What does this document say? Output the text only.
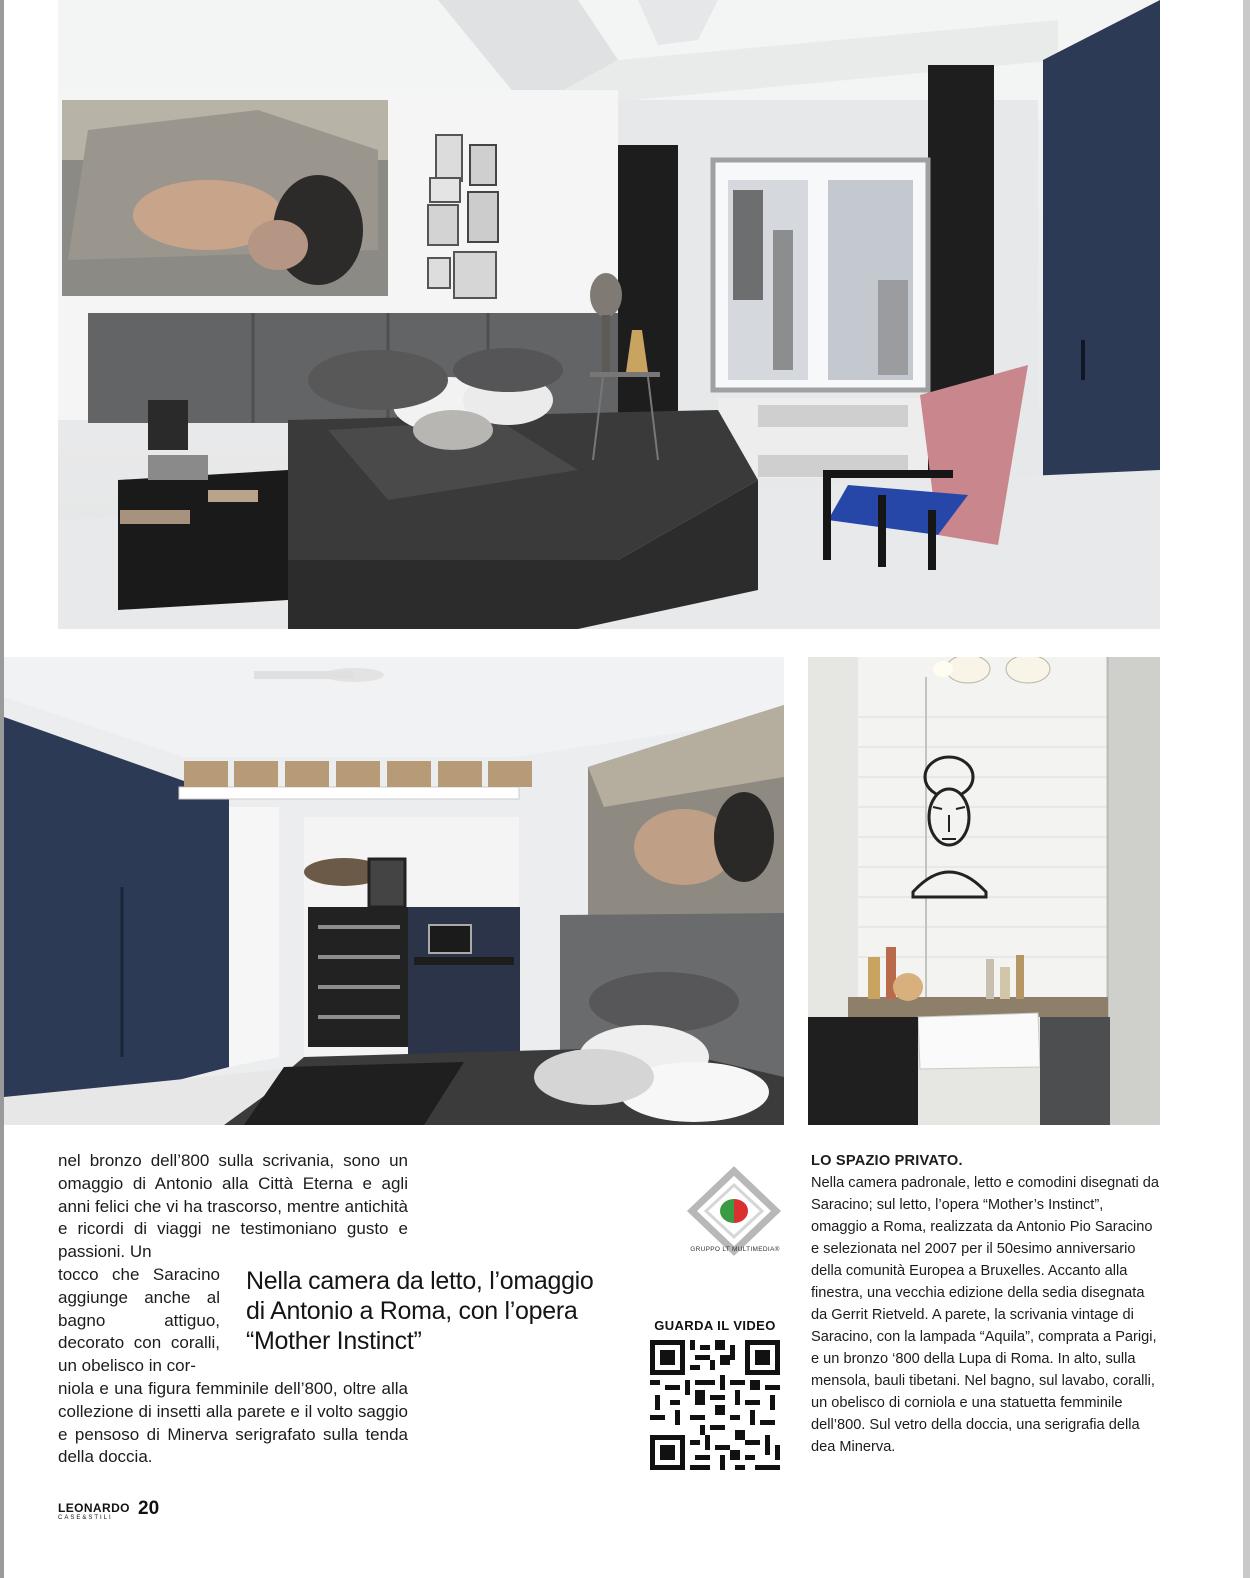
nel bronzo dell’800 sulla scrivania, sono un omaggio di Antonio alla Città Eterna e agli anni felici che vi ha trascorso, mentre antichità e ricordi di viaggi ne testimoniano gusto e passioni. Un

tocco che Saracino aggiunge anche al bagno attiguo, decorato con coralli, un obelisco in cor-

niola e una figura femminile dell’800, oltre alla collezione di insetti alla parete e il volto saggio e pensoso di Minerva serigrafato sulla tenda della doccia.

Nella camera da letto, l’omaggio di Antonio a Roma, con l’opera “Mother Instinct”
GRUPPO LT MULTIMEDIA®
GUARDA IL VIDEO
LO SPAZIO PRIVATO.

Nella camera padronale, letto e comodini disegnati da Saracino; sul letto, l’opera “Mother’s Instinct”, omaggio a Roma, realizzata da Antonio Pio Saracino e selezionata nel 2007 per il 50esimo anniversario della comunità Europea a Bruxelles. Accanto alla finestra, una vecchia edizione della sedia disegnata da Gerrit Rietveld. A parete, la scrivania vintage di Saracino, con la lampada “Aquila”, comprata a Parigi, e un bronzo ‘800 della Lupa di Roma. In alto, sulla mensola, bauli tibetani. Nel bagno, sul lavabo, coralli, un obelisco di corniola e una statuetta femminile dell’800. Sul vetro della doccia, una serigrafia della dea Minerva.

LEONARDO
CASE&STILI 20
